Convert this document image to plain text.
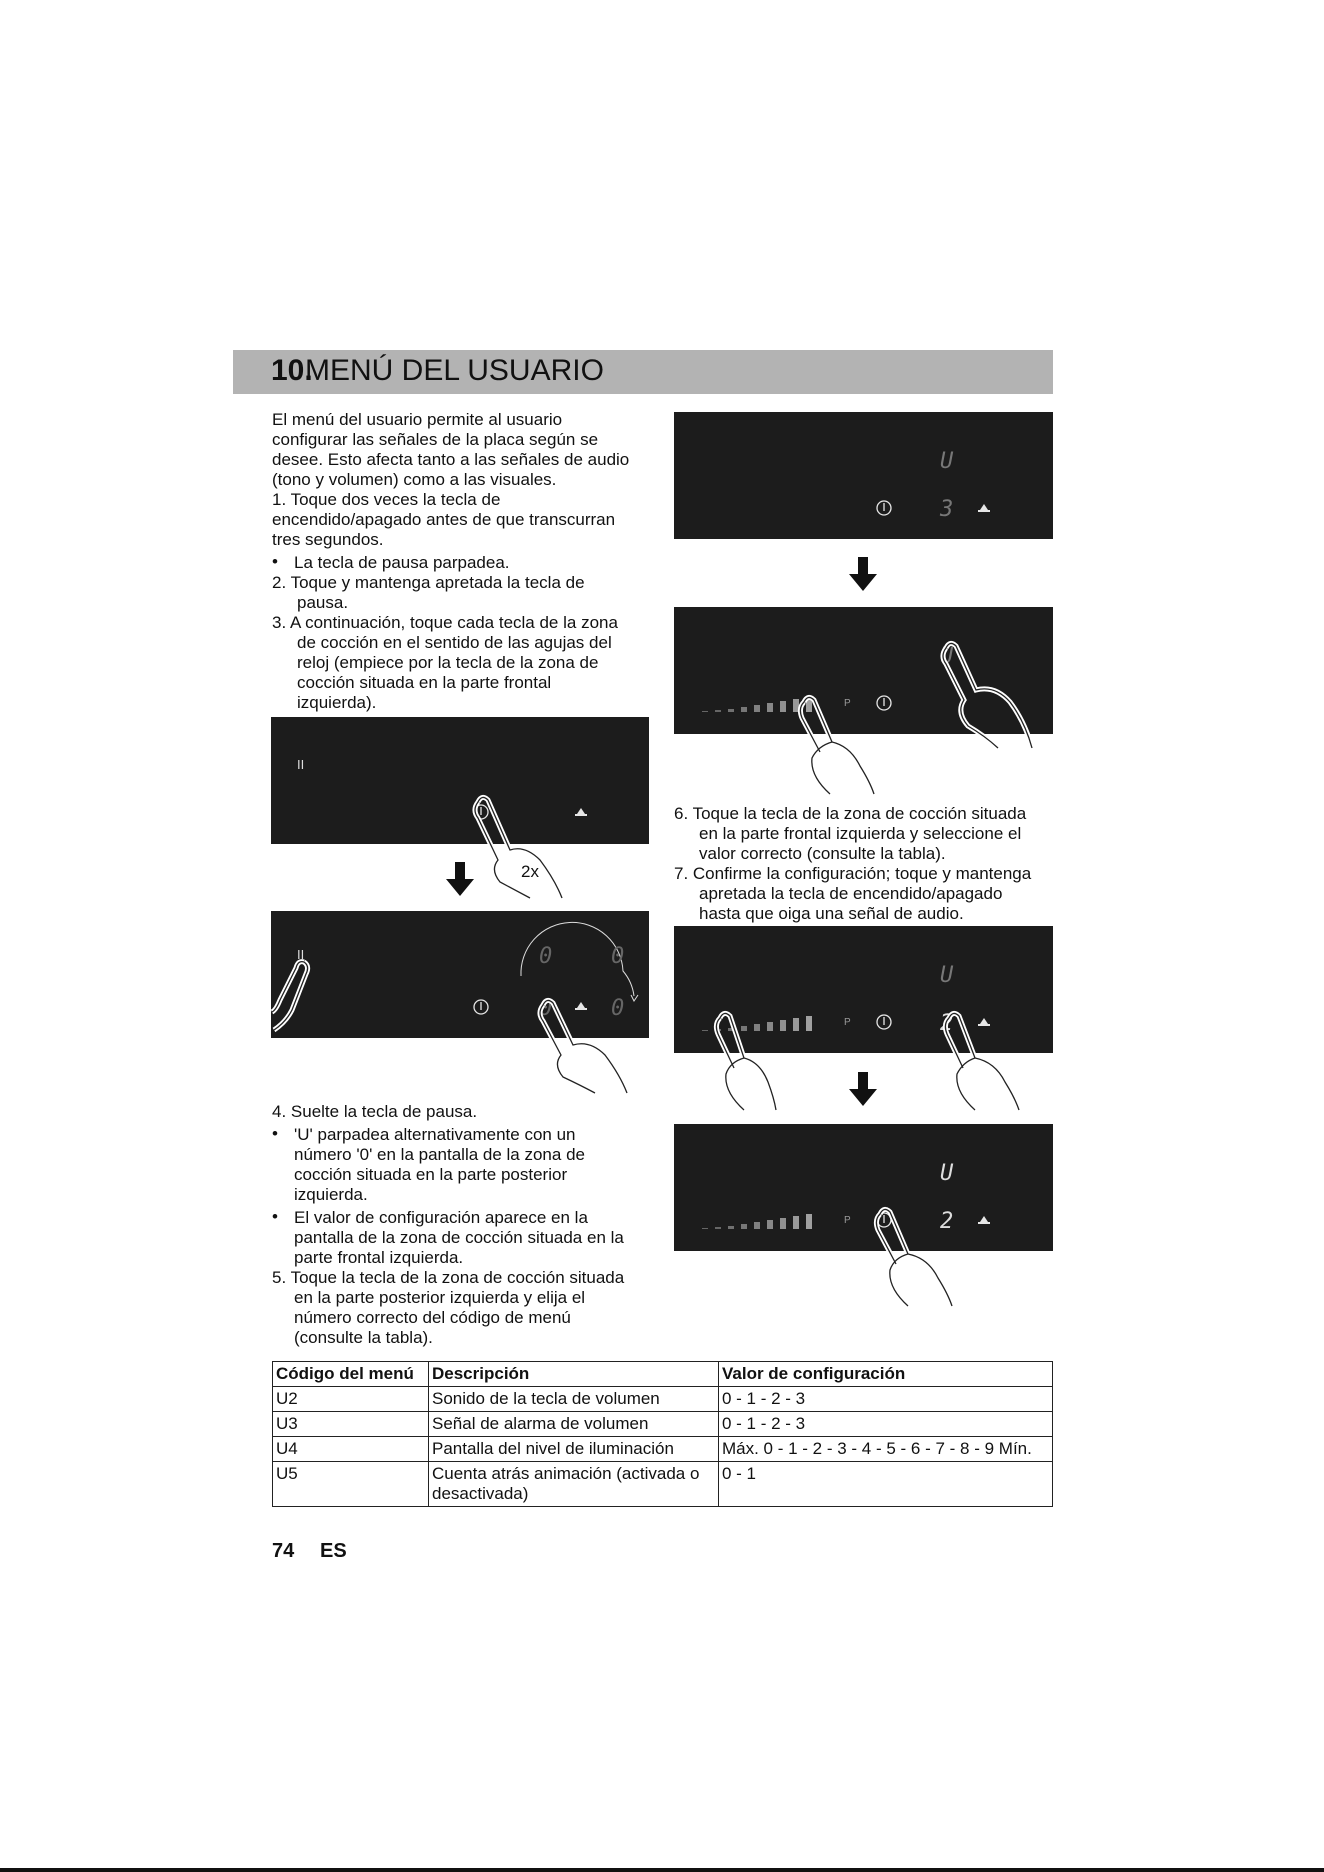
10.
MENÚ DEL USUARIO
El menú del usuario permite al usuario
configurar las señales de la placa según se
desee. Esto afecta tanto a las señales de audio
(tono y volumen) como a las visuales.
1. Toque dos veces la tecla de
encendido/apagado antes de que transcurran
tres segundos.
• La tecla de pausa parpadea.
2. Toque y mantenga apretada la tecla de
pausa.
3. A continuación, toque cada tecla de la zona
de cocción en el sentido de las agujas del
reloj (empiece por la tecla de la zona de
cocción situada en la parte frontal
izquierda).
II
2x
II	0	0
0	0
4. Suelte la tecla de pausa.
• 'U' parpadea alternativamente con un
número '0' en la pantalla de la zona de
cocción situada en la parte posterior
izquierda.
• El valor de configuración aparece en la
pantalla de la zona de cocción situada en la
parte frontal izquierda.
5. Toque la tecla de la zona de cocción situada
en la parte posterior izquierda y elija el
número correcto del código de menú
(consulte la tabla).
U
3
P
U
6. Toque la tecla de la zona de cocción situada
en la parte frontal izquierda y seleccione el
valor correcto (consulte la tabla).
7. Confirme la configuración; toque y mantenga
apretada la tecla de encendido/apagado
hasta que oiga una señal de audio.
P
U
2
P
U
2
Código del menú	Descripción	Valor de configuración
U2	Sonido de la tecla de volumen	0 - 1 - 2 - 3
U3	Señal de alarma de volumen	0 - 1 - 2 - 3
U4	Pantalla del nivel de iluminación	Máx. 0 - 1 - 2 - 3 - 4 - 5 - 6 - 7 - 8 - 9 Mín.
U5	Cuenta atrás animación (activada o desactivada)	0 - 1
74 ES
